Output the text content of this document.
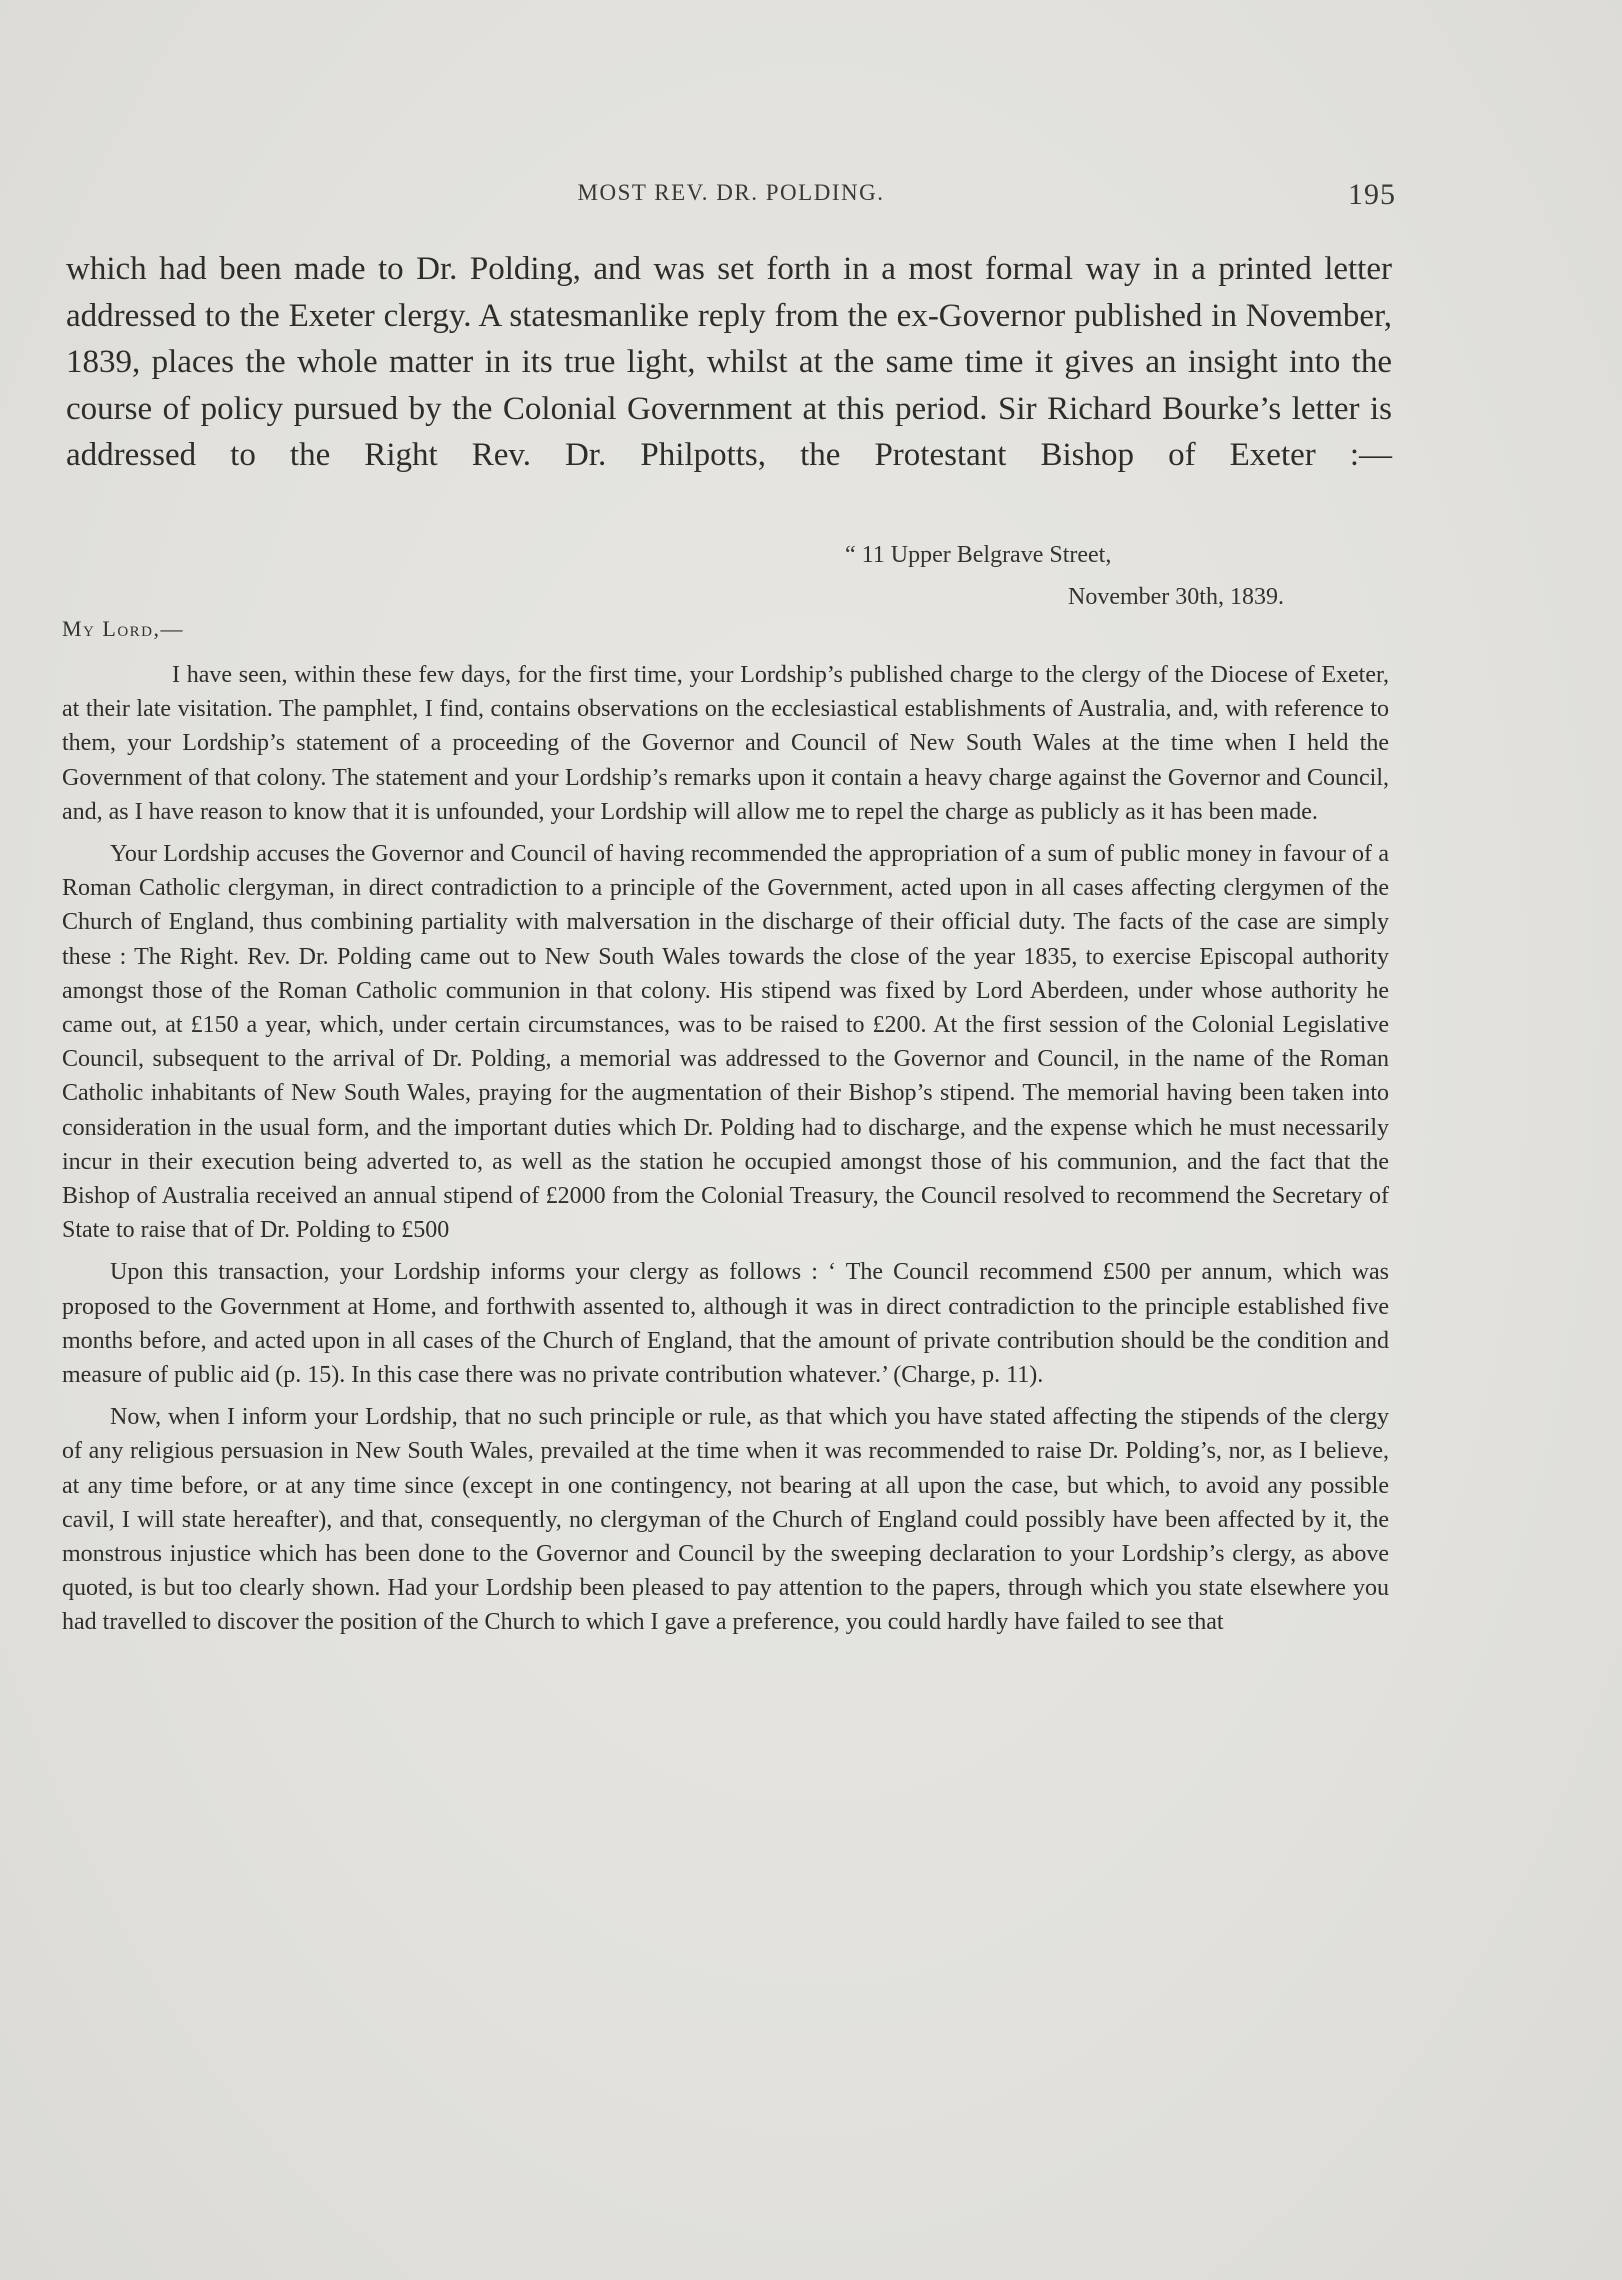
MOST REV. DR. POLDING.	195

which had been made to Dr. Polding, and was set forth in a most formal way in a printed letter addressed to the Exeter clergy. A statesmanlike reply from the ex-Governor published in November, 1839, places the whole matter in its true light, whilst at the same time it gives an insight into the course of policy pursued by the Colonial Government at this period. Sir Richard Bourke’s letter is addressed to the Right Rev. Dr. Philpotts, the Protestant Bishop of Exeter :—

“ 11 Upper Belgrave Street,
November 30th, 1839.
My Lord,—

I have seen, within these few days, for the first time, your Lordship’s published charge to the clergy of the Diocese of Exeter, at their late visitation. The pamphlet, I find, contains observations on the ecclesiastical establishments of Australia, and, with reference to them, your Lordship’s statement of a proceeding of the Governor and Council of New South Wales at the time when I held the Government of that colony. The statement and your Lordship’s remarks upon it contain a heavy charge against the Governor and Council, and, as I have reason to know that it is unfounded, your Lordship will allow me to repel the charge as publicly as it has been made.

Your Lordship accuses the Governor and Council of having recommended the appropriation of a sum of public money in favour of a Roman Catholic clergyman, in direct contradiction to a principle of the Government, acted upon in all cases affecting clergymen of the Church of England, thus combining partiality with malversation in the discharge of their official duty. The facts of the case are simply these : The Right. Rev. Dr. Polding came out to New South Wales towards the close of the year 1835, to exercise Episcopal authority amongst those of the Roman Catholic communion in that colony. His stipend was fixed by Lord Aberdeen, under whose authority he came out, at £150 a year, which, under certain circumstances, was to be raised to £200. At the first session of the Colonial Legislative Council, subsequent to the arrival of Dr. Polding, a memorial was addressed to the Governor and Council, in the name of the Roman Catholic inhabitants of New South Wales, praying for the augmentation of their Bishop’s stipend. The memorial having been taken into consideration in the usual form, and the important duties which Dr. Polding had to discharge, and the expense which he must necessarily incur in their execution being adverted to, as well as the station he occupied amongst those of his communion, and the fact that the Bishop of Australia received an annual stipend of £2000 from the Colonial Treasury, the Council resolved to recommend the Secretary of State to raise that of Dr. Polding to £500

Upon this transaction, your Lordship informs your clergy as follows : ‘ The Council recommend £500 per annum, which was proposed to the Government at Home, and forthwith assented to, although it was in direct contradiction to the principle established five months before, and acted upon in all cases of the Church of England, that the amount of private contribution should be the condition and measure of public aid (p. 15). In this case there was no private contribution whatever.’ (Charge, p. 11).

Now, when I inform your Lordship, that no such principle or rule, as that which you have stated affecting the stipends of the clergy of any religious persuasion in New South Wales, prevailed at the time when it was recommended to raise Dr. Polding’s, nor, as I believe, at any time before, or at any time since (except in one contingency, not bearing at all upon the case, but which, to avoid any possible cavil, I will state hereafter), and that, consequently, no clergyman of the Church of England could possibly have been affected by it, the monstrous injustice which has been done to the Governor and Council by the sweeping declaration to your Lordship’s clergy, as above quoted, is but too clearly shown. Had your Lordship been pleased to pay attention to the papers, through which you state elsewhere you had travelled to discover the position of the Church to which I gave a preference, you could hardly have failed to see that
